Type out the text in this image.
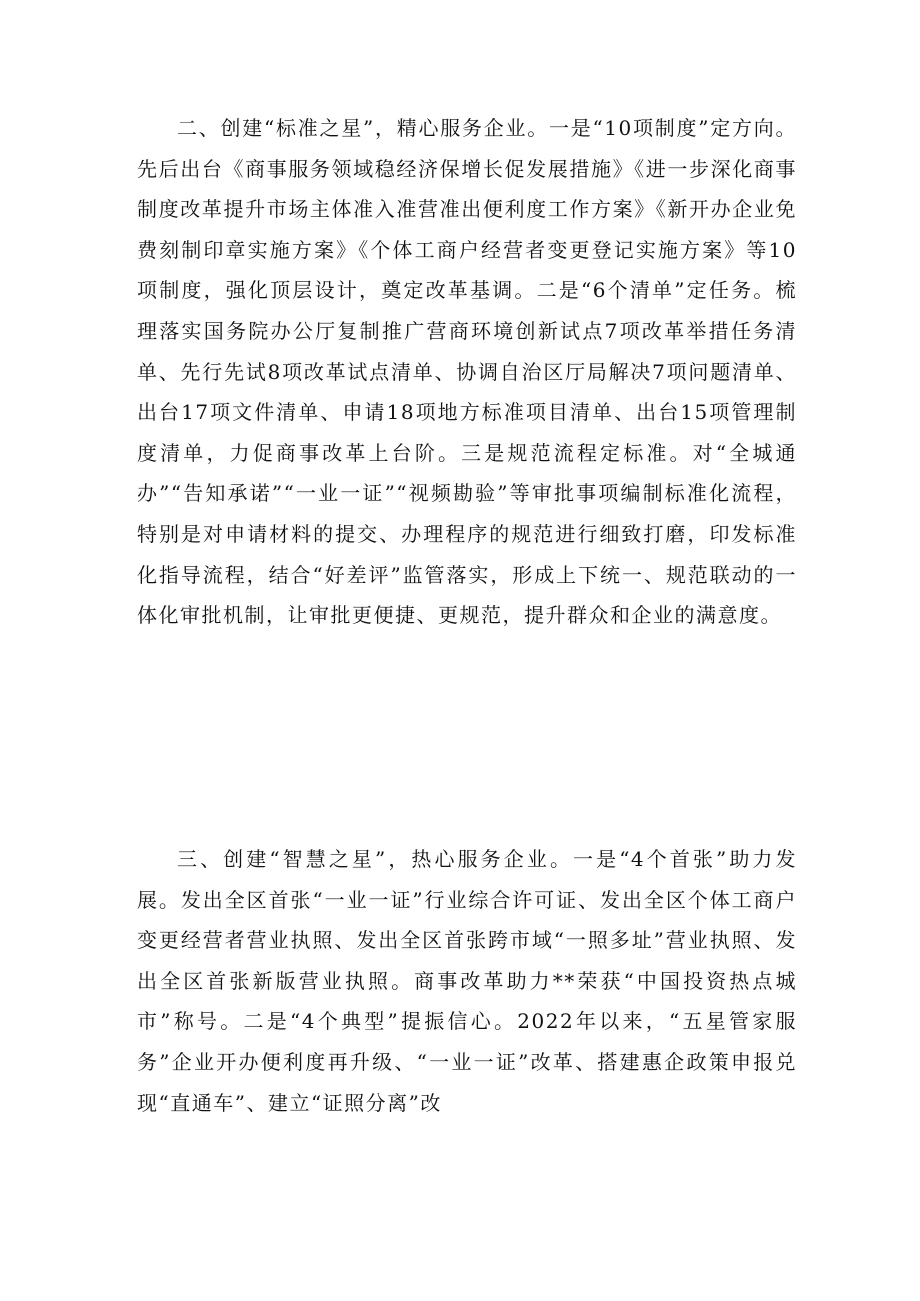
二、创建“标准之星”，精心服务企业。一是“10项制度”定方向。先后出台《商事服务领域稳经济保增长促发展措施》《进一步深化商事制度改革提升市场主体准入准营准出便利度工作方案》《新开办企业免费刻制印章实施方案》《个体工商户经营者变更登记实施方案》等10项制度，强化顶层设计，奠定改革基调。二是“6个清单”定任务。梳理落实国务院办公厅复制推广营商环境创新试点7项改革举措任务清单、先行先试8项改革试点清单、协调自治区厅局解决7项问题清单、出台17项文件清单、申请18项地方标准项目清单、出台15项管理制度清单，力促商事改革上台阶。三是规范流程定标准。对“全城通办”“告知承诺”“一业一证”“视频勘验”等审批事项编制标准化流程，特别是对申请材料的提交、办理程序的规范进行细致打磨，印发标准化指导流程，结合“好差评”监管落实，形成上下统一、规范联动的一体化审批机制，让审批更便捷、更规范，提升群众和企业的满意度。

三、创建“智慧之星”，热心服务企业。一是“4个首张”助力发展。发出全区首张“一业一证”行业综合许可证、发出全区个体工商户变更经营者营业执照、发出全区首张跨市域“一照多址”营业执照、发出全区首张新版营业执照。商事改革助力**荣获“中国投资热点城市”称号。二是“4个典型”提振信心。2022年以来，“五星管家服务”企业开办便利度再升级、“一业一证”改革、搭建惠企政策申报兑现“直通车”、建立“证照分离”改
